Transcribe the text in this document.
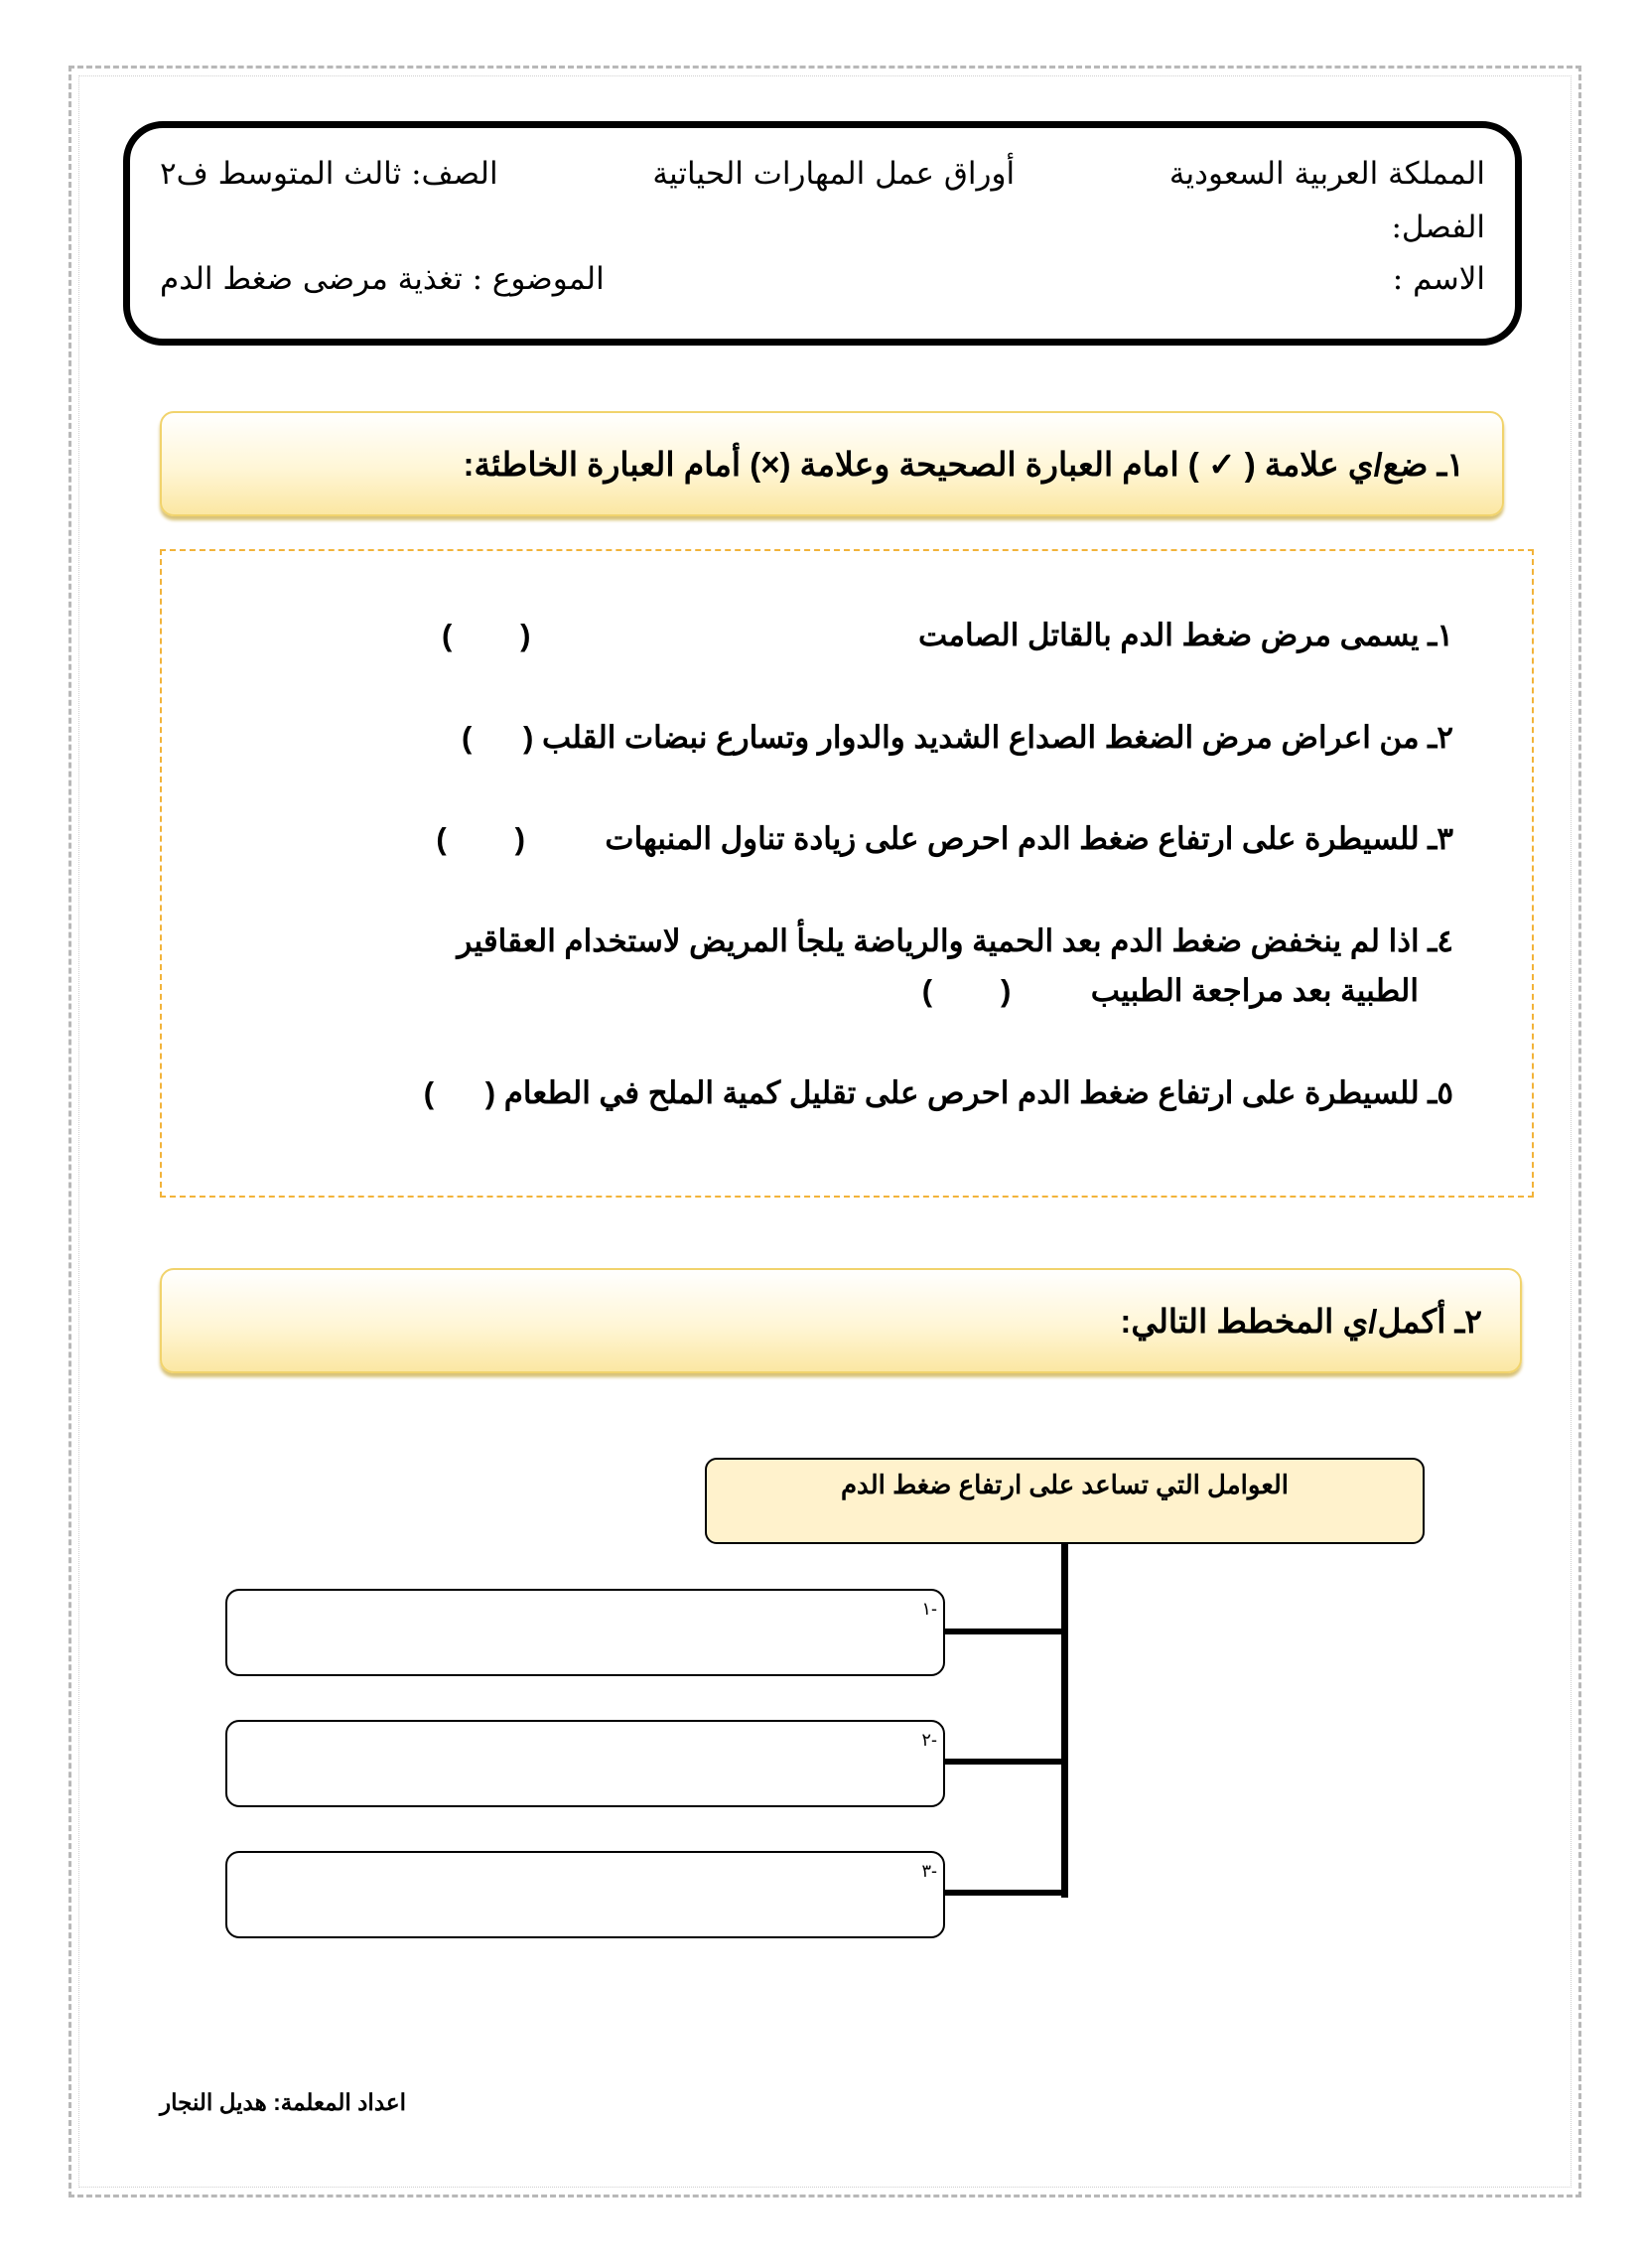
المملكة العربية السعودية
أوراق عمل المهارات الحياتية
الصف: ثالث المتوسط ف٢
الفصل:
الاسم :
الموضوع : تغذية مرضى ضغط الدم
١ـ ضع/ي علامة ( ✓ ) امام العبارة الصحيحة وعلامة (×) أمام العبارة الخاطئة:
١ـ يسمى مرض ضغط الدم بالقاتل الصامت(        )
٢ـ من اعراض مرض الضغط الصداع الشديد والدوار وتسارع نبضات القلب (      )
٣ـ للسيطرة على ارتفاع ضغط الدم احرص على زيادة تناول المنبهات(        )
٤ـ اذا لم ينخفض ضغط الدم بعد الحمية والرياضة يلجأ المريض لاستخدام العقاقير
الطبية بعد مراجعة الطبيب(        )
٥ـ للسيطرة على ارتفاع ضغط الدم احرص على تقليل كمية الملح في الطعام (      )
٢ـ أكمل/ي المخطط التالي:
العوامل التي تساعد على ارتفاع ضغط الدم
١-
٢-
٣-
اعداد المعلمة: هديل النجار
